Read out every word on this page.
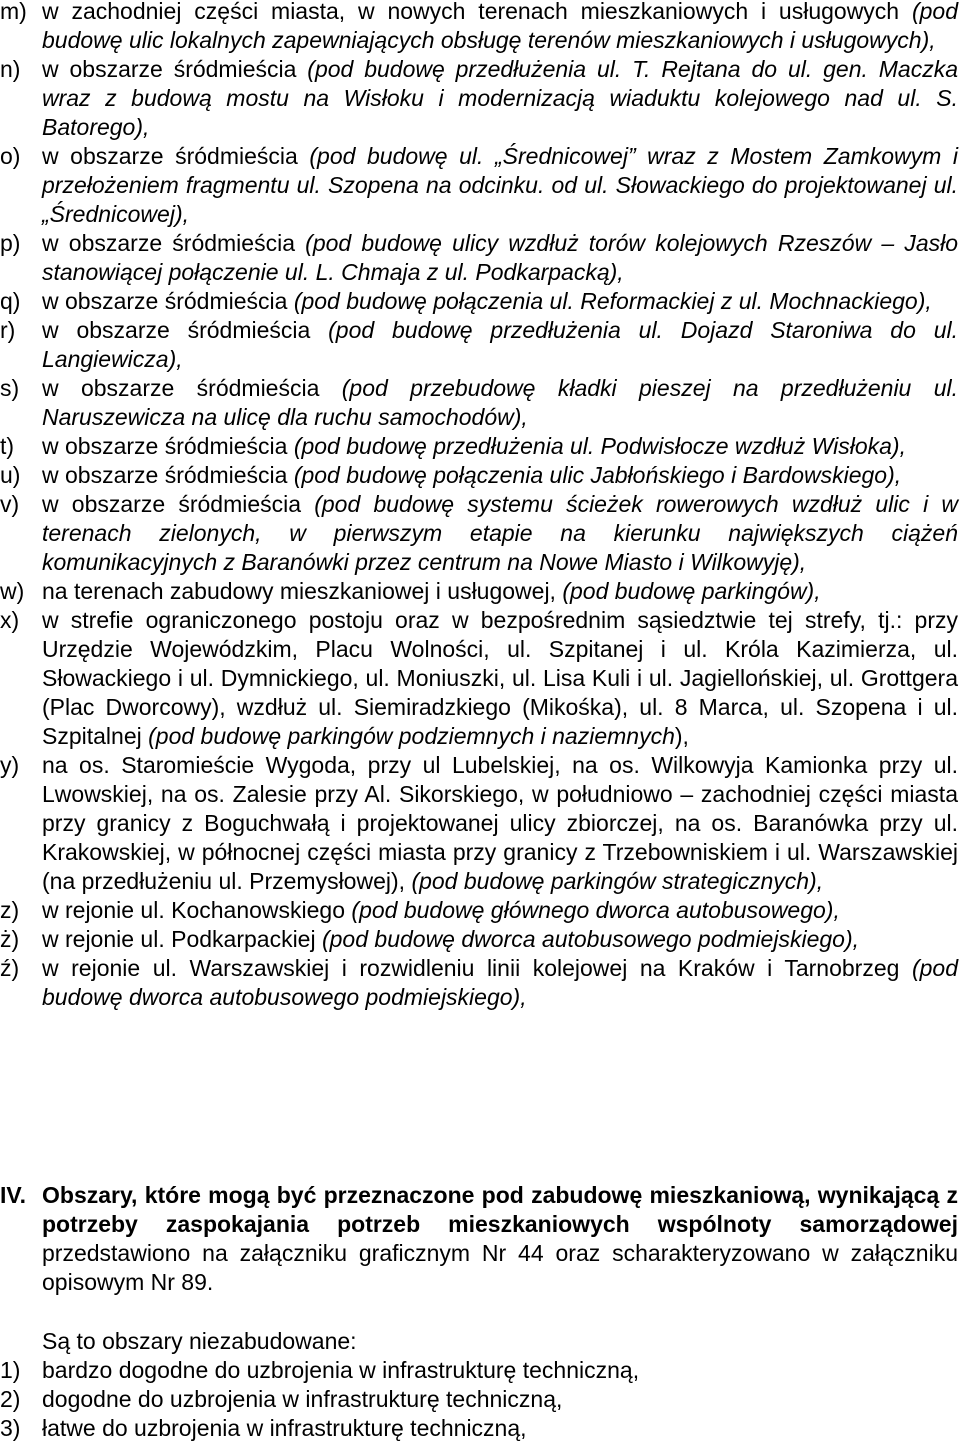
m) w zachodniej części miasta, w nowych terenach mieszkaniowych i usługowych (pod budowę ulic lokalnych zapewniających obsługę terenów mieszkaniowych i usługowych),
n) w obszarze śródmieścia (pod budowę przedłużenia ul. T. Rejtana do ul. gen. Maczka wraz z budową mostu na Wisłoku i modernizacją wiaduktu kolejowego nad ul. S. Batorego),
o) w obszarze śródmieścia (pod budowę ul. „Średnicowej” wraz z Mostem Zamkowym i przełożeniem fragmentu ul. Szopena na odcinku. od ul. Słowackiego do projektowanej ul. „Średnicowej),
p) w obszarze śródmieścia (pod budowę ulicy wzdłuż torów kolejowych Rzeszów – Jasło stanowiącej połączenie ul. L. Chmaja z ul. Podkarpacką),
q) w obszarze śródmieścia (pod budowę połączenia ul. Reformackiej z ul. Mochnackiego),
r) w obszarze śródmieścia (pod budowę przedłużenia ul. Dojazd Staroniwa do ul. Langiewicza),
s) w obszarze śródmieścia (pod przebudowę kładki pieszej na przedłużeniu ul. Naruszewicza na ulicę dla ruchu samochodów),
t) w obszarze śródmieścia (pod budowę przedłużenia ul. Podwisłocze wzdłuż Wisłoka),
u) w obszarze śródmieścia (pod budowę połączenia ulic Jabłońskiego i Bardowskiego),
v) w obszarze śródmieścia (pod budowę systemu ścieżek rowerowych wzdłuż ulic i w terenach zielonych, w pierwszym etapie na kierunku największych ciążeń komunikacyjnych z Baranówki przez centrum na Nowe Miasto i Wilkowyję),
w) na terenach zabudowy mieszkaniowej i usługowej, (pod budowę parkingów),
x) w strefie ograniczonego postoju oraz w bezpośrednim sąsiedztwie tej strefy, tj.: przy Urzędzie Wojewódzkim, Placu Wolności, ul. Szpitanej i ul. Króla Kazimierza, ul. Słowackiego i ul. Dymnickiego, ul. Moniuszki, ul. Lisa Kuli i ul. Jagiellońskiej, ul. Grottgera (Plac Dworcowy), wzdłuż ul. Siemiradzkiego (Mikośka), ul. 8 Marca, ul. Szopena i ul. Szpitalnej (pod budowę parkingów podziemnych i naziemnych),
y) na os. Staromieście Wygoda, przy ul Lubelskiej, na os. Wilkowyja Kamionka przy ul. Lwowskiej, na os. Zalesie przy Al. Sikorskiego, w południowo – zachodniej części miasta przy granicy z Boguchwałą i projektowanej ulicy zbiorczej, na os. Baranówka przy ul. Krakowskiej, w północnej części miasta przy granicy z Trzebowniskiem i ul. Warszawskiej (na przedłużeniu ul. Przemysłowej), (pod budowę parkingów strategicznych),
z) w rejonie ul. Kochanowskiego (pod budowę głównego dworca autobusowego),
ż) w rejonie ul. Podkarpackiej (pod budowę dworca autobusowego podmiejskiego),
ź) w rejonie ul. Warszawskiej i rozwidleniu linii kolejowej na Kraków i Tarnobrzeg (pod budowę dworca autobusowego podmiejskiego),
IV. Obszary, które mogą być przeznaczone pod zabudowę mieszkaniową, wynikającą z potrzeby zaspokajania potrzeb mieszkaniowych wspólnoty samorządowej przedstawiono na załączniku graficznym Nr 44 oraz scharakteryzowano w załączniku opisowym Nr 89.
Są to obszary niezabudowane:
1) bardzo dogodne do uzbrojenia w infrastrukturę techniczną,
2) dogodne do uzbrojenia w infrastrukturę techniczną,
3) łatwe do uzbrojenia w infrastrukturę techniczną,
